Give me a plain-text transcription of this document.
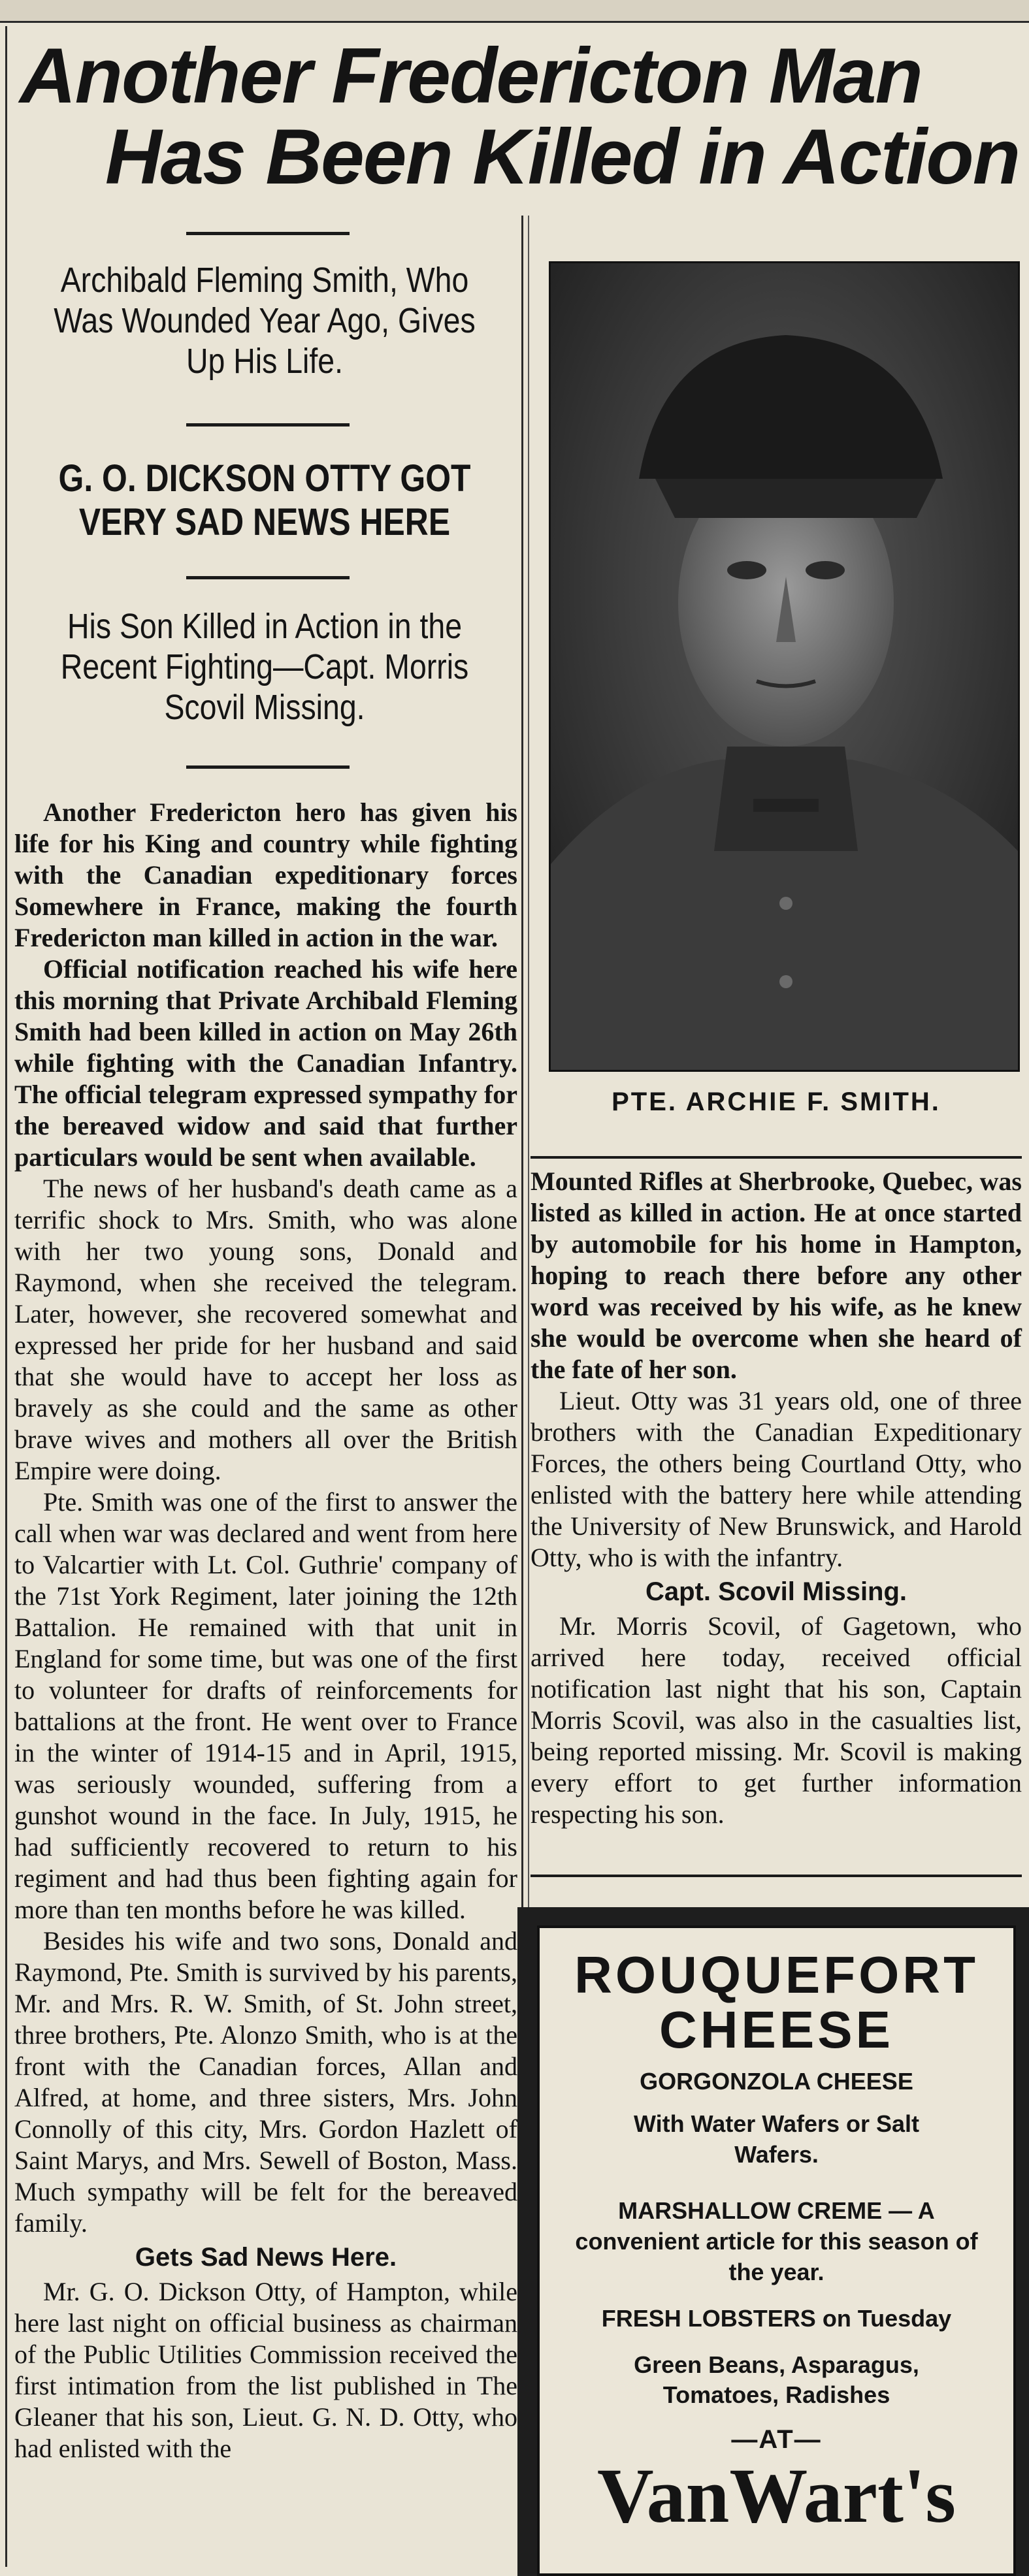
Another Fredericton Man
Has Been Killed in Action
Archibald Fleming Smith, Who Was Wounded Year Ago, Gives Up His Life.
G. O. DICKSON OTTY GOT VERY SAD NEWS HERE
His Son Killed in Action in the Recent Fighting—Capt. Morris Scovil Missing.

Another Fredericton hero has given his life for his King and country while fighting with the Canadian expeditionary forces Somewhere in France, making the fourth Fredericton man killed in action in the war.

Official notification reached his wife here this morning that Private Archibald Fleming Smith had been killed in action on May 26th while fighting with the Canadian Infantry. The official telegram expressed sympathy for the bereaved widow and said that further particulars would be sent when available.

The news of her husband's death came as a terrific shock to Mrs. Smith, who was alone with her two young sons, Donald and Raymond, when she received the telegram. Later, however, she recovered somewhat and expressed her pride for her husband and said that she would have to accept her loss as bravely as she could and the same as other brave wives and mothers all over the British Empire were doing.

Pte. Smith was one of the first to answer the call when war was declared and went from here to Valcartier with Lt. Col. Guthrie' company of the 71st York Regiment, later joining the 12th Battalion. He remained with that unit in England for some time, but was one of the first to volunteer for drafts of reinforcements for battalions at the front. He went over to France in the winter of 1914-15 and in April, 1915, was seriously wounded, suffering from a gunshot wound in the face. In July, 1915, he had sufficiently recovered to return to his regiment and had thus been fighting again for more than ten months before he was killed.

Besides his wife and two sons, Donald and Raymond, Pte. Smith is survived by his parents, Mr. and Mrs. R. W. Smith, of St. John street, three brothers, Pte. Alonzo Smith, who is at the front with the Canadian forces, Allan and Alfred, at home, and three sisters, Mrs. John Connolly of this city, Mrs. Gordon Hazlett of Saint Marys, and Mrs. Sewell of Boston, Mass. Much sympathy will be felt for the bereaved family.

Gets Sad News Here.

Mr. G. O. Dickson Otty, of Hampton, while here last night on official business as chairman of the Public Utilities Commission received the first intimation from the list published in The Gleaner that his son, Lieut. G. N. D. Otty, who had enlisted with the

PTE. ARCHIE F. SMITH.

Mounted Rifles at Sherbrooke, Quebec, was listed as killed in action. He at once started by automobile for his home in Hampton, hoping to reach there before any other word was received by his wife, as he knew she would be overcome when she heard of the fate of her son.

Lieut. Otty was 31 years old, one of three brothers with the Canadian Expeditionary Forces, the others being Courtland Otty, who enlisted with the battery here while attending the University of New Brunswick, and Harold Otty, who is with the infantry.

Capt. Scovil Missing.

Mr. Morris Scovil, of Gagetown, who arrived here today, received official notification last night that his son, Captain Morris Scovil, was also in the casualties list, being reported missing. Mr. Scovil is making every effort to get further information respecting his son.

ROUQUEFORT

CHEESE

GORGONZOLA CHEESE

With Water Wafers or Salt Wafers.

MARSHALLOW CREME — A convenient article for this season of the year.

FRESH LOBSTERS on Tuesday

Green Beans, Asparagus, Tomatoes, Radishes

—AT—

VanWart's
